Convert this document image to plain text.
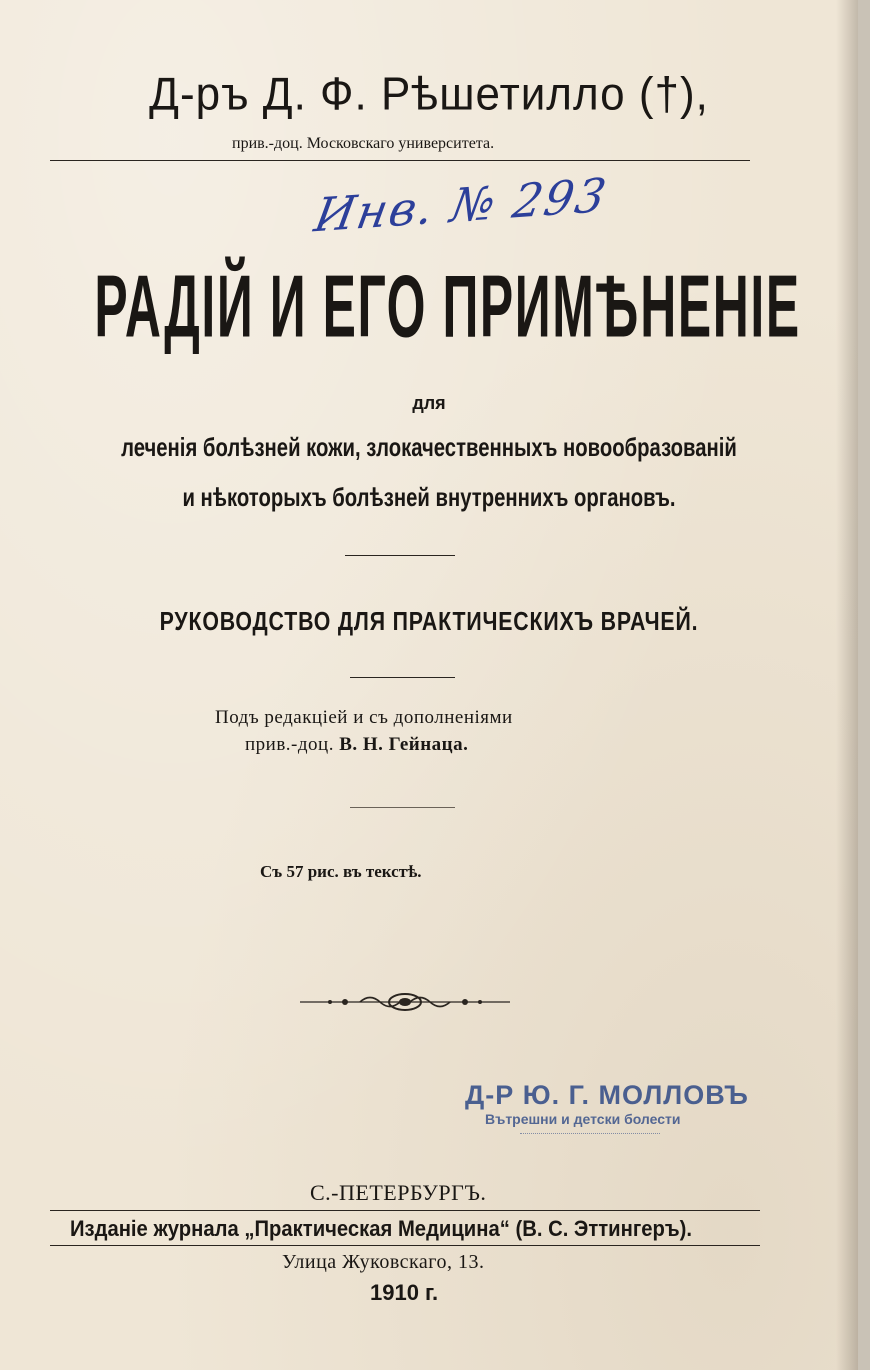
Д-ръ Д. Ф. Рѣшетилло (†),
прив.-доц. Московскаго университета.
Инв. № 293
РАДІЙ И ЕГО ПРИМѢНЕНІЕ
для
леченія болѣзней кожи, злокачественныхъ новообразованій
и нѣкоторыхъ болѣзней внутреннихъ органовъ.
РУКОВОДСТВО ДЛЯ ПРАКТИЧЕСКИХЪ ВРАЧЕЙ.
Подъ редакціей и съ дополненіями
прив.-доц. В. Н. Гейнаца.
Съ 57 рис. въ текстѣ.
Д-Р Ю. Г. МОЛЛОВЪ
Вътрешни и детски болести
С.-ПЕТЕРБУРГЪ.
Изданіе журнала „Практическая Медицина“ (В. С. Эттингеръ).
Улица Жуковскаго, 13.
1910 г.
